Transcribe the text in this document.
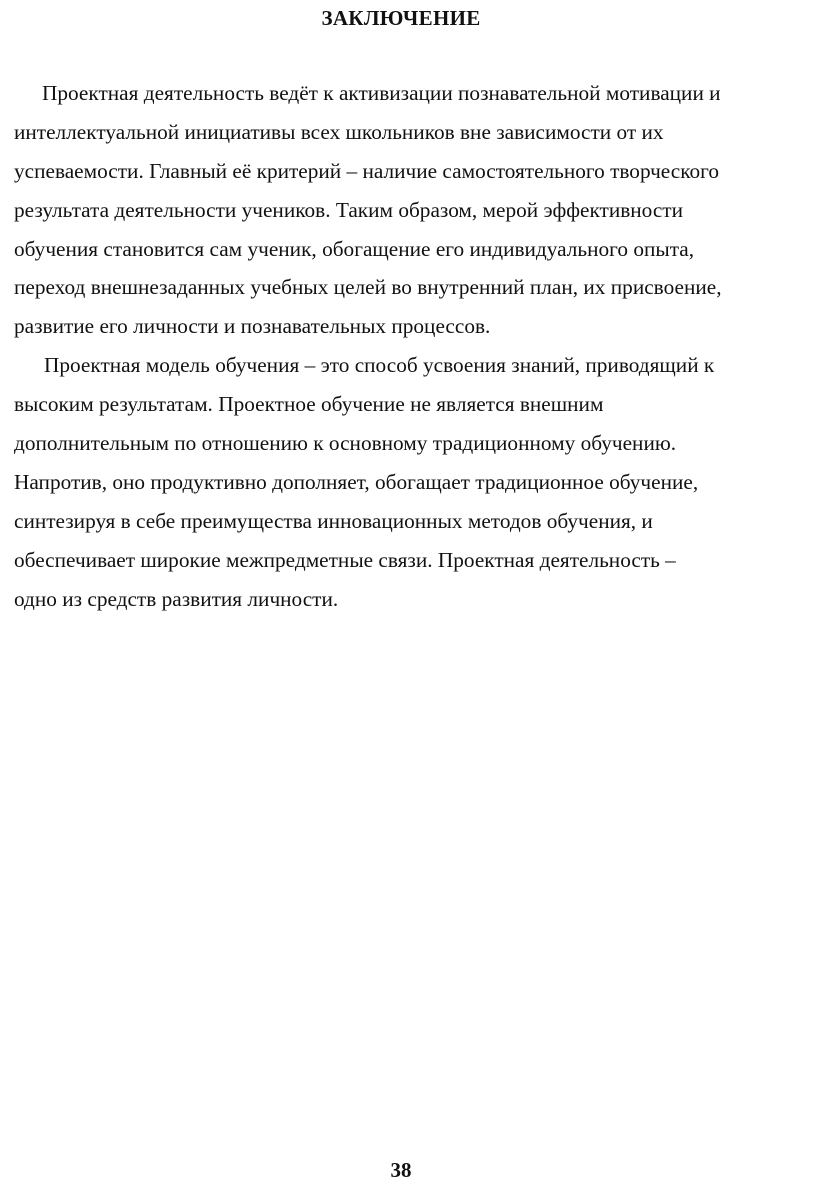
ЗАКЛЮЧЕНИЕ
Проектная деятельность ведёт к активизации познавательной мотивации и
интеллектуальной инициативы всех школьников вне зависимости от их
успеваемости. Главный её критерий – наличие самостоятельного творческого
результата деятельности учеников. Таким образом, мерой эффективности
обучения становится сам ученик, обогащение его индивидуального опыта,
переход внешнезаданных учебных целей во внутренний план, их присвоение,
развитие его личности и познавательных процессов.
Проектная модель обучения – это способ усвоения знаний, приводящий к
высоким результатам. Проектное обучение не является внешним
дополнительным по отношению к основному традиционному обучению.
Напротив, оно продуктивно дополняет, обогащает традиционное обучение,
синтезируя в себе преимущества инновационных методов обучения, и
обеспечивает широкие межпредметные связи. Проектная деятельность –
одно из средств развития личности.
38
